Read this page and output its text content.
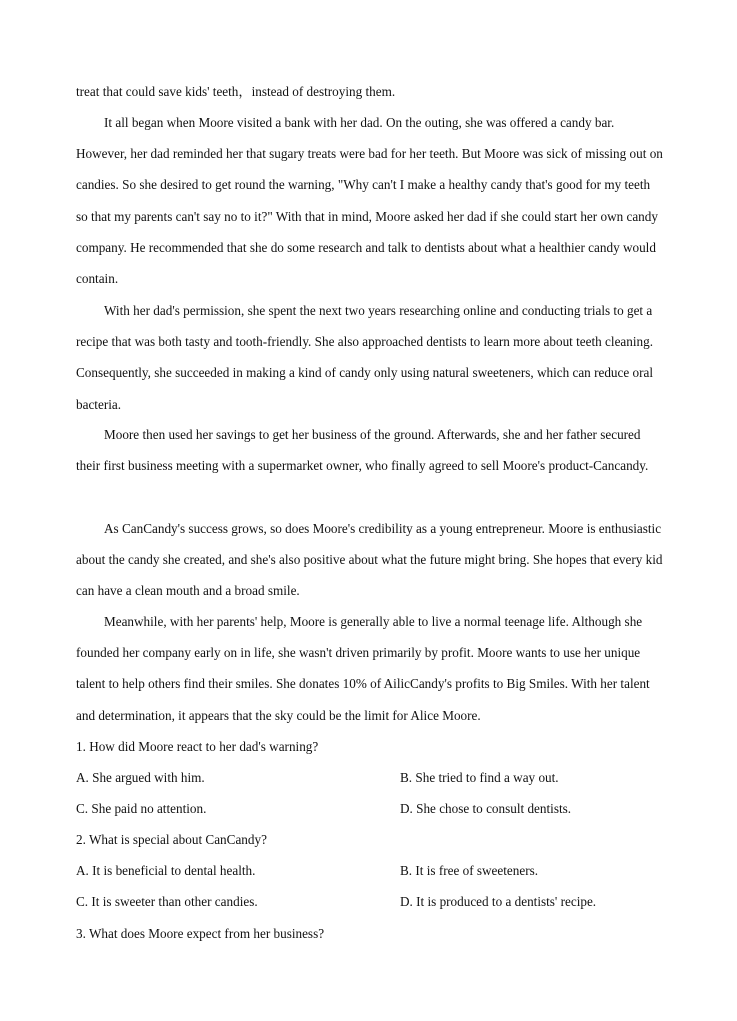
treat that could save kids' teeth，instead of destroying them.

It all began when Moore visited a bank with her dad. On the outing, she was offered a candy bar. However, her dad reminded her that sugary treats were bad for her teeth. But Moore was sick of missing out on candies. So she desired to get round the warning, "Why can't I make a healthy candy that's good for my teeth so that my parents can't say no to it?" With that in mind, Moore asked her dad if she could start her own candy company. He recommended that she do some research and talk to dentists about what a healthier candy would contain.

With her dad's permission, she spent the next two years researching online and conducting trials to get a recipe that was both tasty and tooth-friendly. She also approached dentists to learn more about teeth cleaning. Consequently, she succeeded in making a kind of candy only using natural sweeteners, which can reduce oral bacteria.

Moore then used her savings to get her business of the ground. Afterwards, she and her father secured their first business meeting with a supermarket owner, who finally agreed to sell Moore's product-Cancandy.

As CanCandy's success grows, so does Moore's credibility as a young entrepreneur. Moore is enthusiastic about the candy she created, and she's also positive about what the future might bring. She hopes that every kid can have a clean mouth and a broad smile.

Meanwhile, with her parents' help, Moore is generally able to live a normal teenage life. Although she founded her company early on in life, she wasn't driven primarily by profit. Moore wants to use her unique talent to help others find their smiles. She donates 10% of AilicCandy's profits to Big Smiles. With her talent and determination, it appears that the sky could be the limit for Alice Moore.

1. How did Moore react to her dad's warning?

A. She argued with him.	B. She tried to find a way out.

C. She paid no attention.	D. She chose to consult dentists.

2. What is special about CanCandy?

A. It is beneficial to dental health.	B. It is free of sweeteners.

C. It is sweeter than other candies.	D. It is produced to a dentists' recipe.

3. What does Moore expect from her business?
